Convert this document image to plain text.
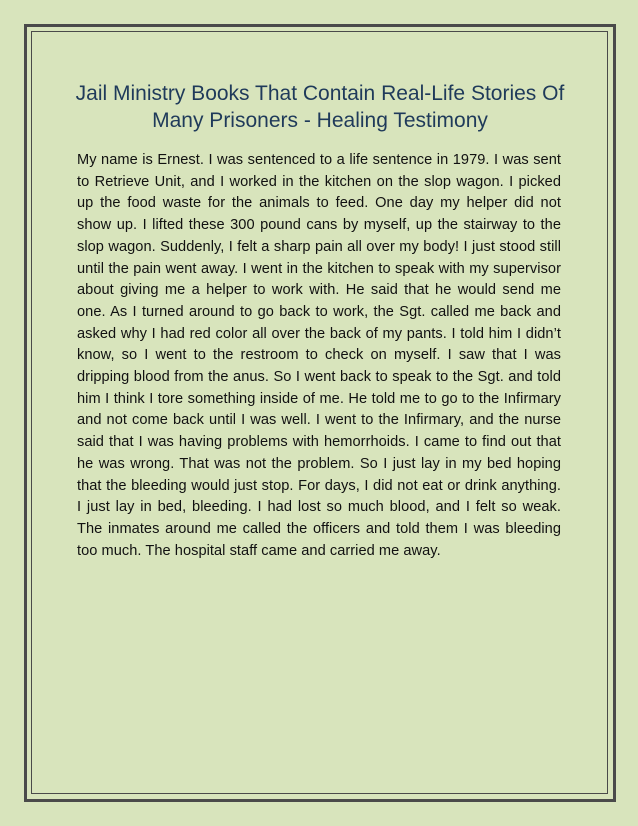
Jail Ministry Books That Contain Real-Life Stories Of Many Prisoners - Healing Testimony

My name is Ernest. I was sentenced to a life sentence in 1979. I was sent to Retrieve Unit, and I worked in the kitchen on the slop wagon. I picked up the food waste for the animals to feed. One day my helper did not show up. I lifted these 300 pound cans by myself, up the stairway to the slop wagon. Suddenly, I felt a sharp pain all over my body! I just stood still until the pain went away. I went in the kitchen to speak with my supervisor about giving me a helper to work with. He said that he would send me one. As I turned around to go back to work, the Sgt. called me back and asked why I had red color all over the back of my pants. I told him I didn’t know, so I went to the restroom to check on myself. I saw that I was dripping blood from the anus. So I went back to speak to the Sgt. and told him I think I tore something inside of me. He told me to go to the Infirmary and not come back until I was well. I went to the Infirmary, and the nurse said that I was having problems with hemorrhoids. I came to find out that he was wrong. That was not the problem. So I just lay in my bed hoping that the bleeding would just stop. For days, I did not eat or drink anything. I just lay in bed, bleeding. I had lost so much blood, and I felt so weak. The inmates around me called the officers and told them I was bleeding too much. The hospital staff came and carried me away.
